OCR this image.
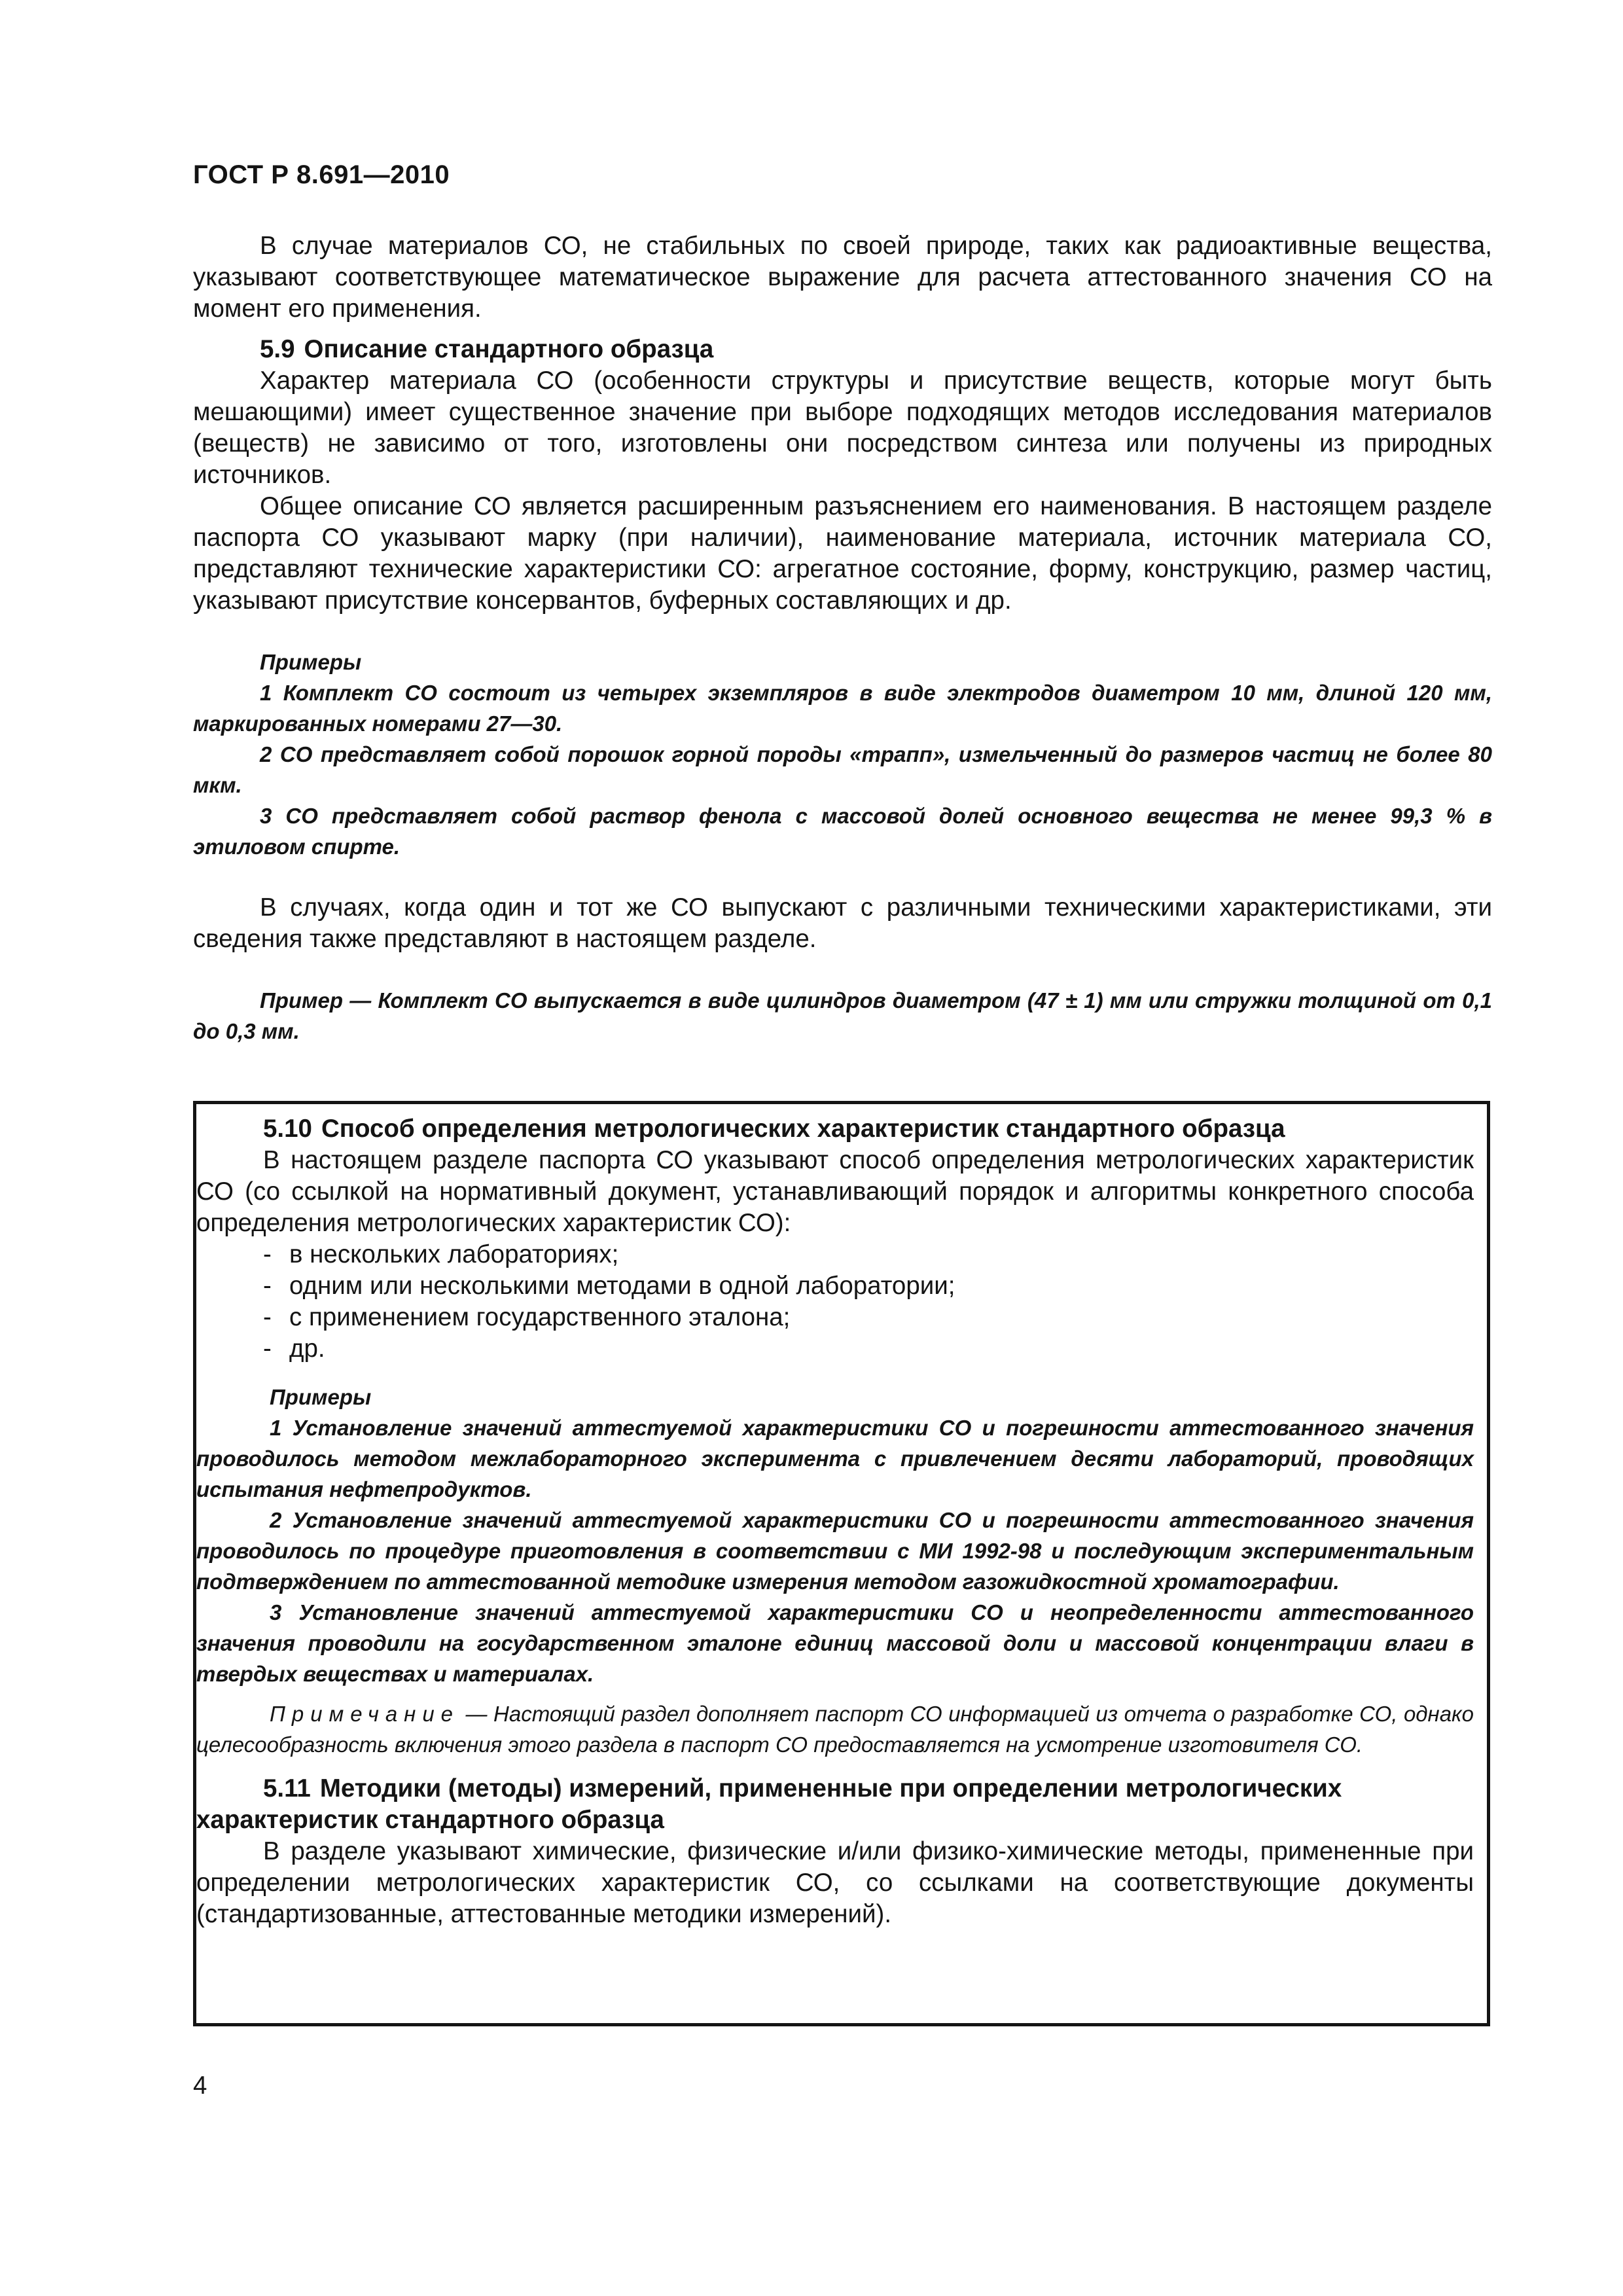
ГОСТ Р 8.691—2010

В случае материалов СО, не стабильных по своей природе, таких как радиоактивные вещества, указывают соответствующее математическое выражение для расчета аттестованного значения СО на момент его применения.

5.9 Описание стандартного образца

Характер материала СО (особенности структуры и присутствие веществ, которые могут быть мешающими) имеет существенное значение при выборе подходящих методов исследования материалов (веществ) не зависимо от того, изготовлены они посредством синтеза или получены из природных источников.

Общее описание СО является расширенным разъяснением его наименования. В настоящем разделе паспорта СО указывают марку (при наличии), наименование материала, источник материала СО, представляют технические характеристики СО: агрегатное состояние, форму, конструкцию, размер частиц, указывают присутствие консервантов, буферных составляющих и др.

Примеры

1 Комплект СО состоит из четырех экземпляров в виде электродов диаметром 10 мм, длиной 120 мм, маркированных номерами 27—30.

2 СО представляет собой порошок горной породы «трапп», измельченный до размеров частиц не более 80 мкм.

3 СО представляет собой раствор фенола с массовой долей основного вещества не менее 99,3 % в этиловом спирте.

В случаях, когда один и тот же СО выпускают с различными техническими характеристиками, эти сведения также представляют в настоящем разделе.

Пример — Комплект СО выпускается в виде цилиндров диаметром (47 ± 1) мм или стружки толщиной от 0,1 до 0,3 мм.

5.10 Способ определения метрологических характеристик стандартного образца

В настоящем разделе паспорта СО указывают способ определения метрологических характеристик СО (со ссылкой на нормативный документ, устанавливающий порядок и алгоритмы конкретного способа определения метрологических характеристик СО):

- в нескольких лабораториях;
- одним или несколькими методами в одной лаборатории;
- с применением государственного эталона;
- др.

Примеры

1 Установление значений аттестуемой характеристики СО и погрешности аттестованного значения проводилось методом межлабораторного эксперимента с привлечением десяти лабораторий, проводящих испытания нефтепродуктов.

2 Установление значений аттестуемой характеристики СО и погрешности аттестованного значения проводилось по процедуре приготовления в соответствии с МИ 1992-98 и последующим экспериментальным подтверждением по аттестованной методике измерения методом газожидкостной хроматографии.

3 Установление значений аттестуемой характеристики СО и неопределенности аттестованного значения проводили на государственном эталоне единиц массовой доли и массовой концентрации влаги в твердых веществах и материалах.

Примечание — Настоящий раздел дополняет паспорт СО информацией из отчета о разработке СО, однако целесообразность включения этого раздела в паспорт СО предоставляется на усмотрение изготовителя СО.

5.11 Методики (методы) измерений, примененные при определении метрологических характеристик стандартного образца

В разделе указывают химические, физические и/или физико-химические методы, примененные при определении метрологических характеристик СО, со ссылками на соответствующие документы (стандартизованные, аттестованные методики измерений).

4
